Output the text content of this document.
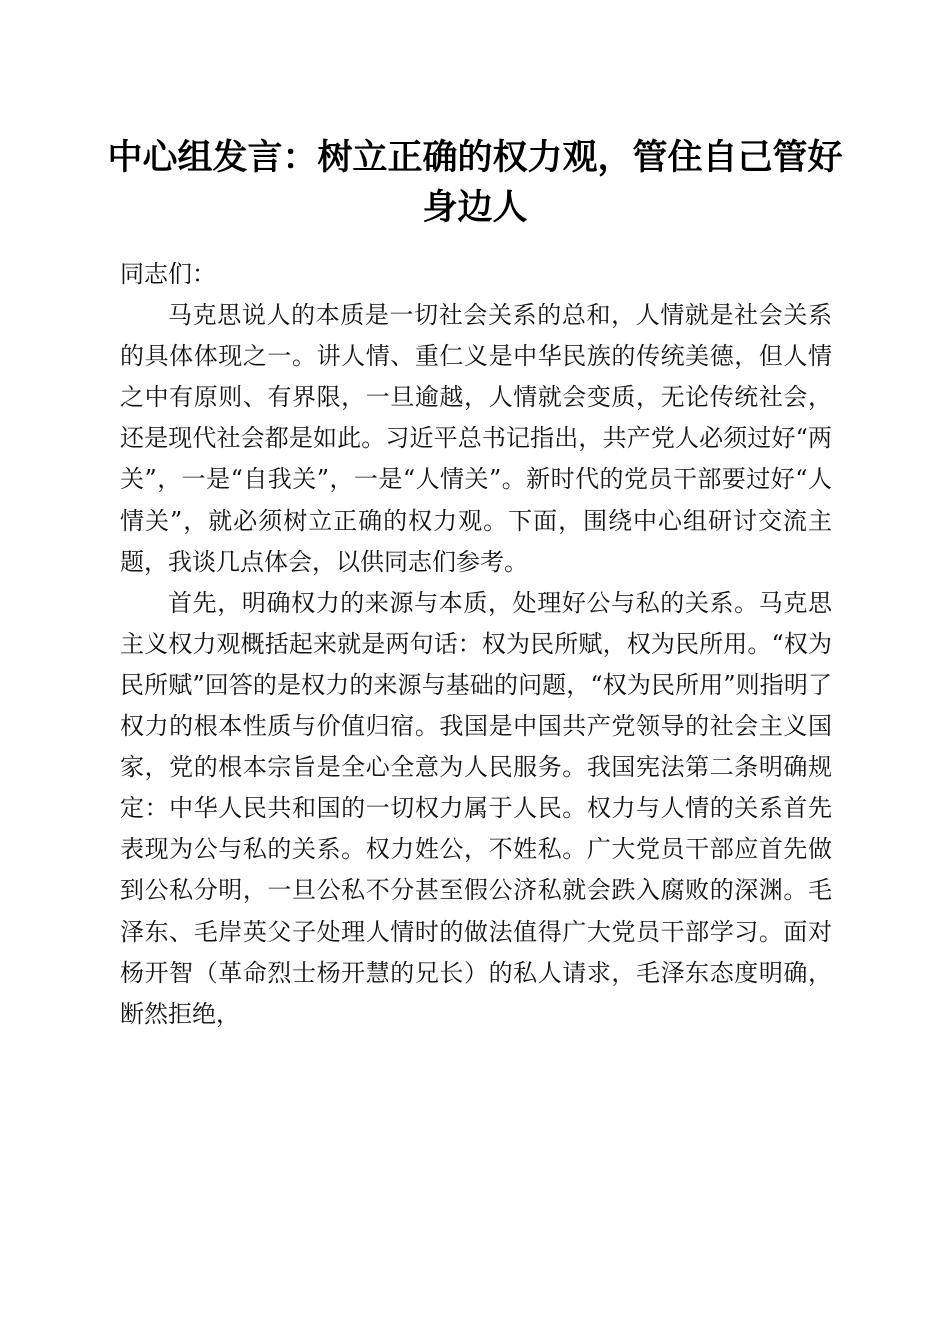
中心组发言：树立正确的权力观，管住自己管好身边人

同志们：

马克思说人的本质是一切社会关系的总和，人情就是社会关系的具体体现之一。讲人情、重仁义是中华民族的传统美德，但人情之中有原则、有界限，一旦逾越，人情就会变质，无论传统社会，还是现代社会都是如此。习近平总书记指出，共产党人必须过好“两关”，一是“自我关”，一是“人情关”。新时代的党员干部要过好“人情关”，就必须树立正确的权力观。下面，围绕中心组研讨交流主题，我谈几点体会，以供同志们参考。

首先，明确权力的来源与本质，处理好公与私的关系。马克思主义权力观概括起来就是两句话：权为民所赋，权为民所用。“权为民所赋”回答的是权力的来源与基础的问题，“权为民所用”则指明了权力的根本性质与价值归宿。我国是中国共产党领导的社会主义国家，党的根本宗旨是全心全意为人民服务。我国宪法第二条明确规定：中华人民共和国的一切权力属于人民。权力与人情的关系首先表现为公与私的关系。权力姓公，不姓私。广大党员干部应首先做到公私分明，一旦公私不分甚至假公济私就会跌入腐败的深渊。毛泽东、毛岸英父子处理人情时的做法值得广大党员干部学习。面对杨开智（革命烈士杨开慧的兄长）的私人请求，毛泽东态度明确，断然拒绝，
